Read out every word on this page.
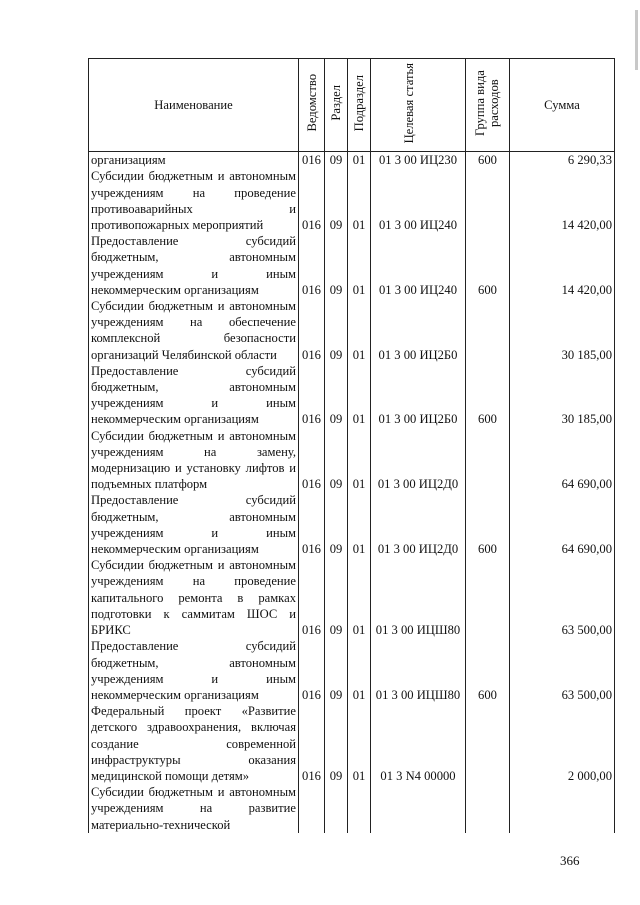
Наименование	Ведомство	Раздел	Подраздел	Целевая статья	Группа вида расходов	Сумма
организациям	016	09	01	01 3 00 ИЦ230	600	6 290,33
Субсидии бюджетным и автономным учреждениям на проведение противоаварийных и противопожарных мероприятий	016	09	01	01 3 00 ИЦ240		14 420,00
Предоставление субсидий бюджетным, автономным учреждениям и иным некоммерческим организациям	016	09	01	01 3 00 ИЦ240	600	14 420,00
Субсидии бюджетным и автономным учреждениям на обеспечение комплексной безопасности организаций Челябинской области	016	09	01	01 3 00 ИЦ2Б0		30 185,00
Предоставление субсидий бюджетным, автономным учреждениям и иным некоммерческим организациям	016	09	01	01 3 00 ИЦ2Б0	600	30 185,00
Субсидии бюджетным и автономным учреждениям на замену, модернизацию и установку лифтов и подъемных платформ	016	09	01	01 3 00 ИЦ2Д0		64 690,00
Предоставление субсидий бюджетным, автономным учреждениям и иным некоммерческим организациям	016	09	01	01 3 00 ИЦ2Д0	600	64 690,00
Субсидии бюджетным и автономным учреждениям на проведение капитального ремонта в рамках подготовки к саммитам ШОС и БРИКС	016	09	01	01 3 00 ИЦШ80		63 500,00
Предоставление субсидий бюджетным, автономным учреждениям и иным некоммерческим организациям	016	09	01	01 3 00 ИЦШ80	600	63 500,00
Федеральный проект «Развитие детского здравоохранения, включая создание современной инфраструктуры оказания медицинской помощи детям»	016	09	01	01 3 N4 00000		2 000,00
Субсидии бюджетным и автономным учреждениям на развитие материально-технической						
366
